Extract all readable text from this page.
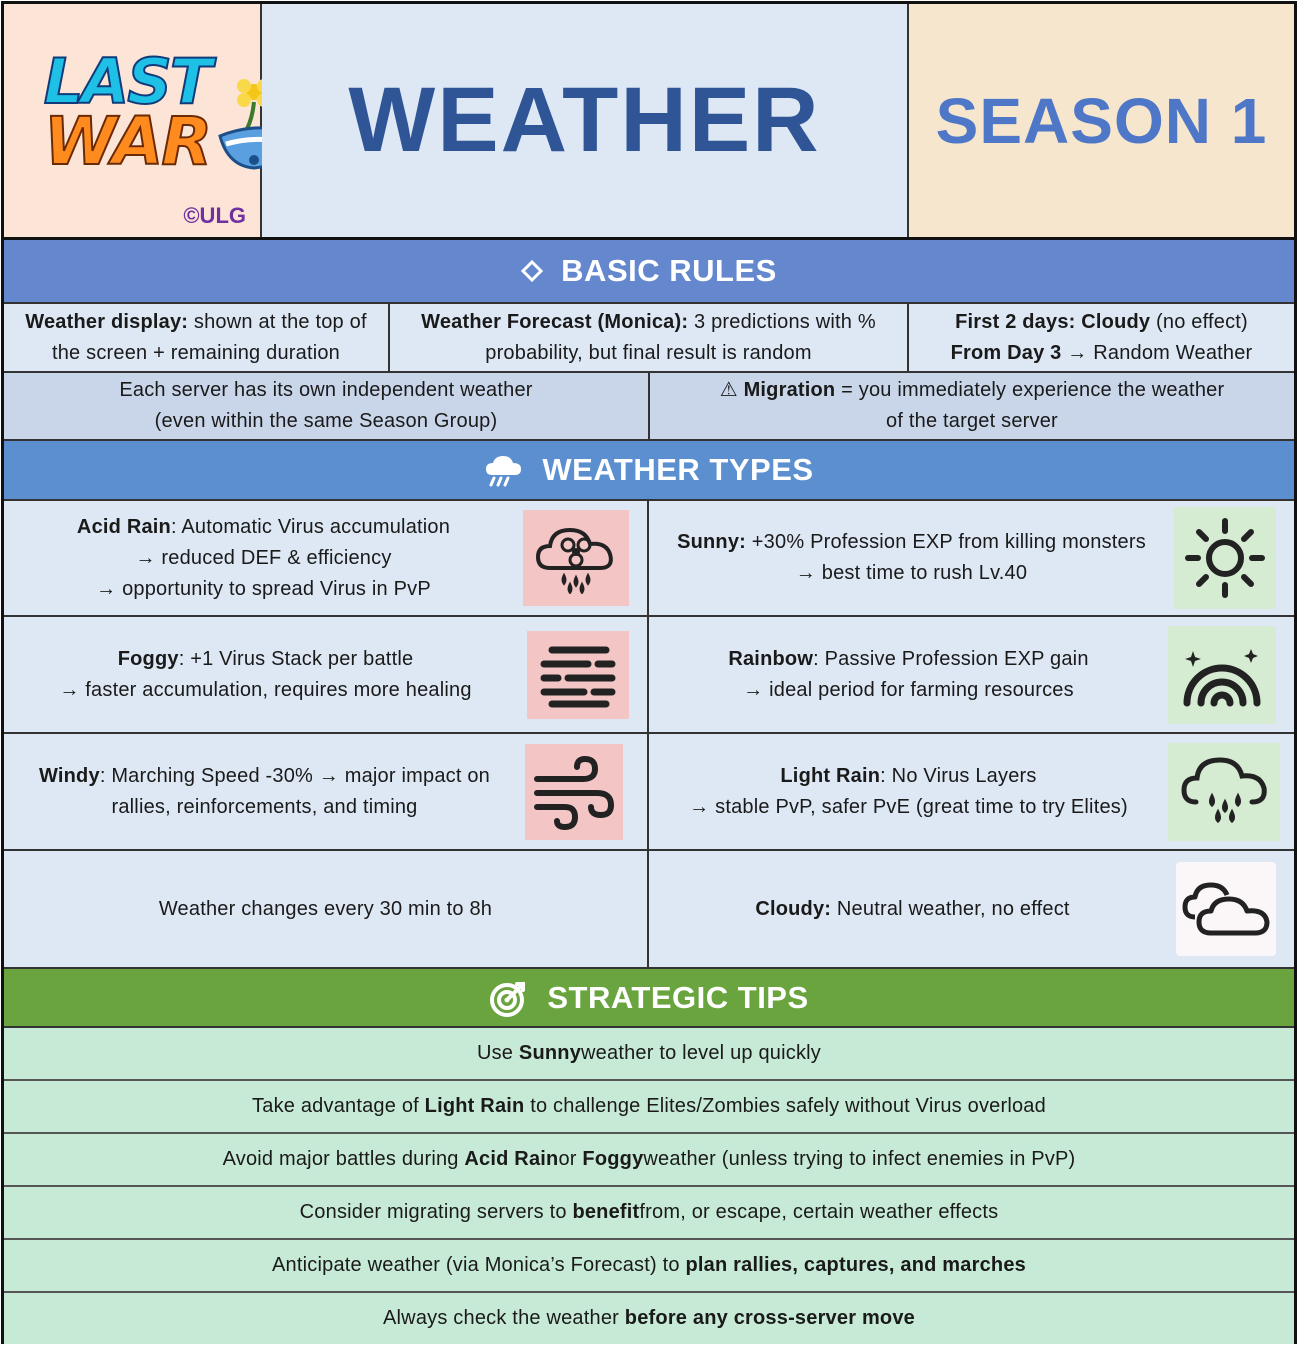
LAST
WAR
©ULG
WEATHER SEASON 1
BASIC RULES
Weather display: shown at the top of
the screen + remaining duration
Weather Forecast (Monica): 3 predictions with %
probability, but final result is random
First 2 days: Cloudy (no effect)
From Day 3 → Random Weather
Each server has its own independent weather
(even within the same Season Group)
⚠ Migration = you immediately experience the weather
of the target server
WEATHER TYPES
Acid Rain: Automatic Virus accumulation
→ reduced DEF & efficiency
→ opportunity to spread Virus in PvP
Sunny: +30% Profession EXP from killing monsters
→ best time to rush Lv.40
Foggy: +1 Virus Stack per battle
→ faster accumulation, requires more healing
Rainbow: Passive Profession EXP gain
→ ideal period for farming resources
Windy: Marching Speed -30% → major impact on
rallies, reinforcements, and timing
Light Rain: No Virus Layers
→ stable PvP, safer PvE (great time to try Elites)
Weather changes every 30 min to 8h	Cloudy: Neutral weather, no effect
STRATEGIC TIPS
Use
Sunny weather to level up quickly
Take advantage of
Light Rain
to challenge Elites/Zombies safely without Virus overload
Avoid major battles during
Acid Rain or
Foggy weather (unless trying to infect enemies in PvP)
Consider migrating servers to
benefit from, or escape, certain weather effects
Anticipate weather (via Monica’s Forecast) to
plan rallies, captures, and marches
Always check the weather
before any cross-server move
